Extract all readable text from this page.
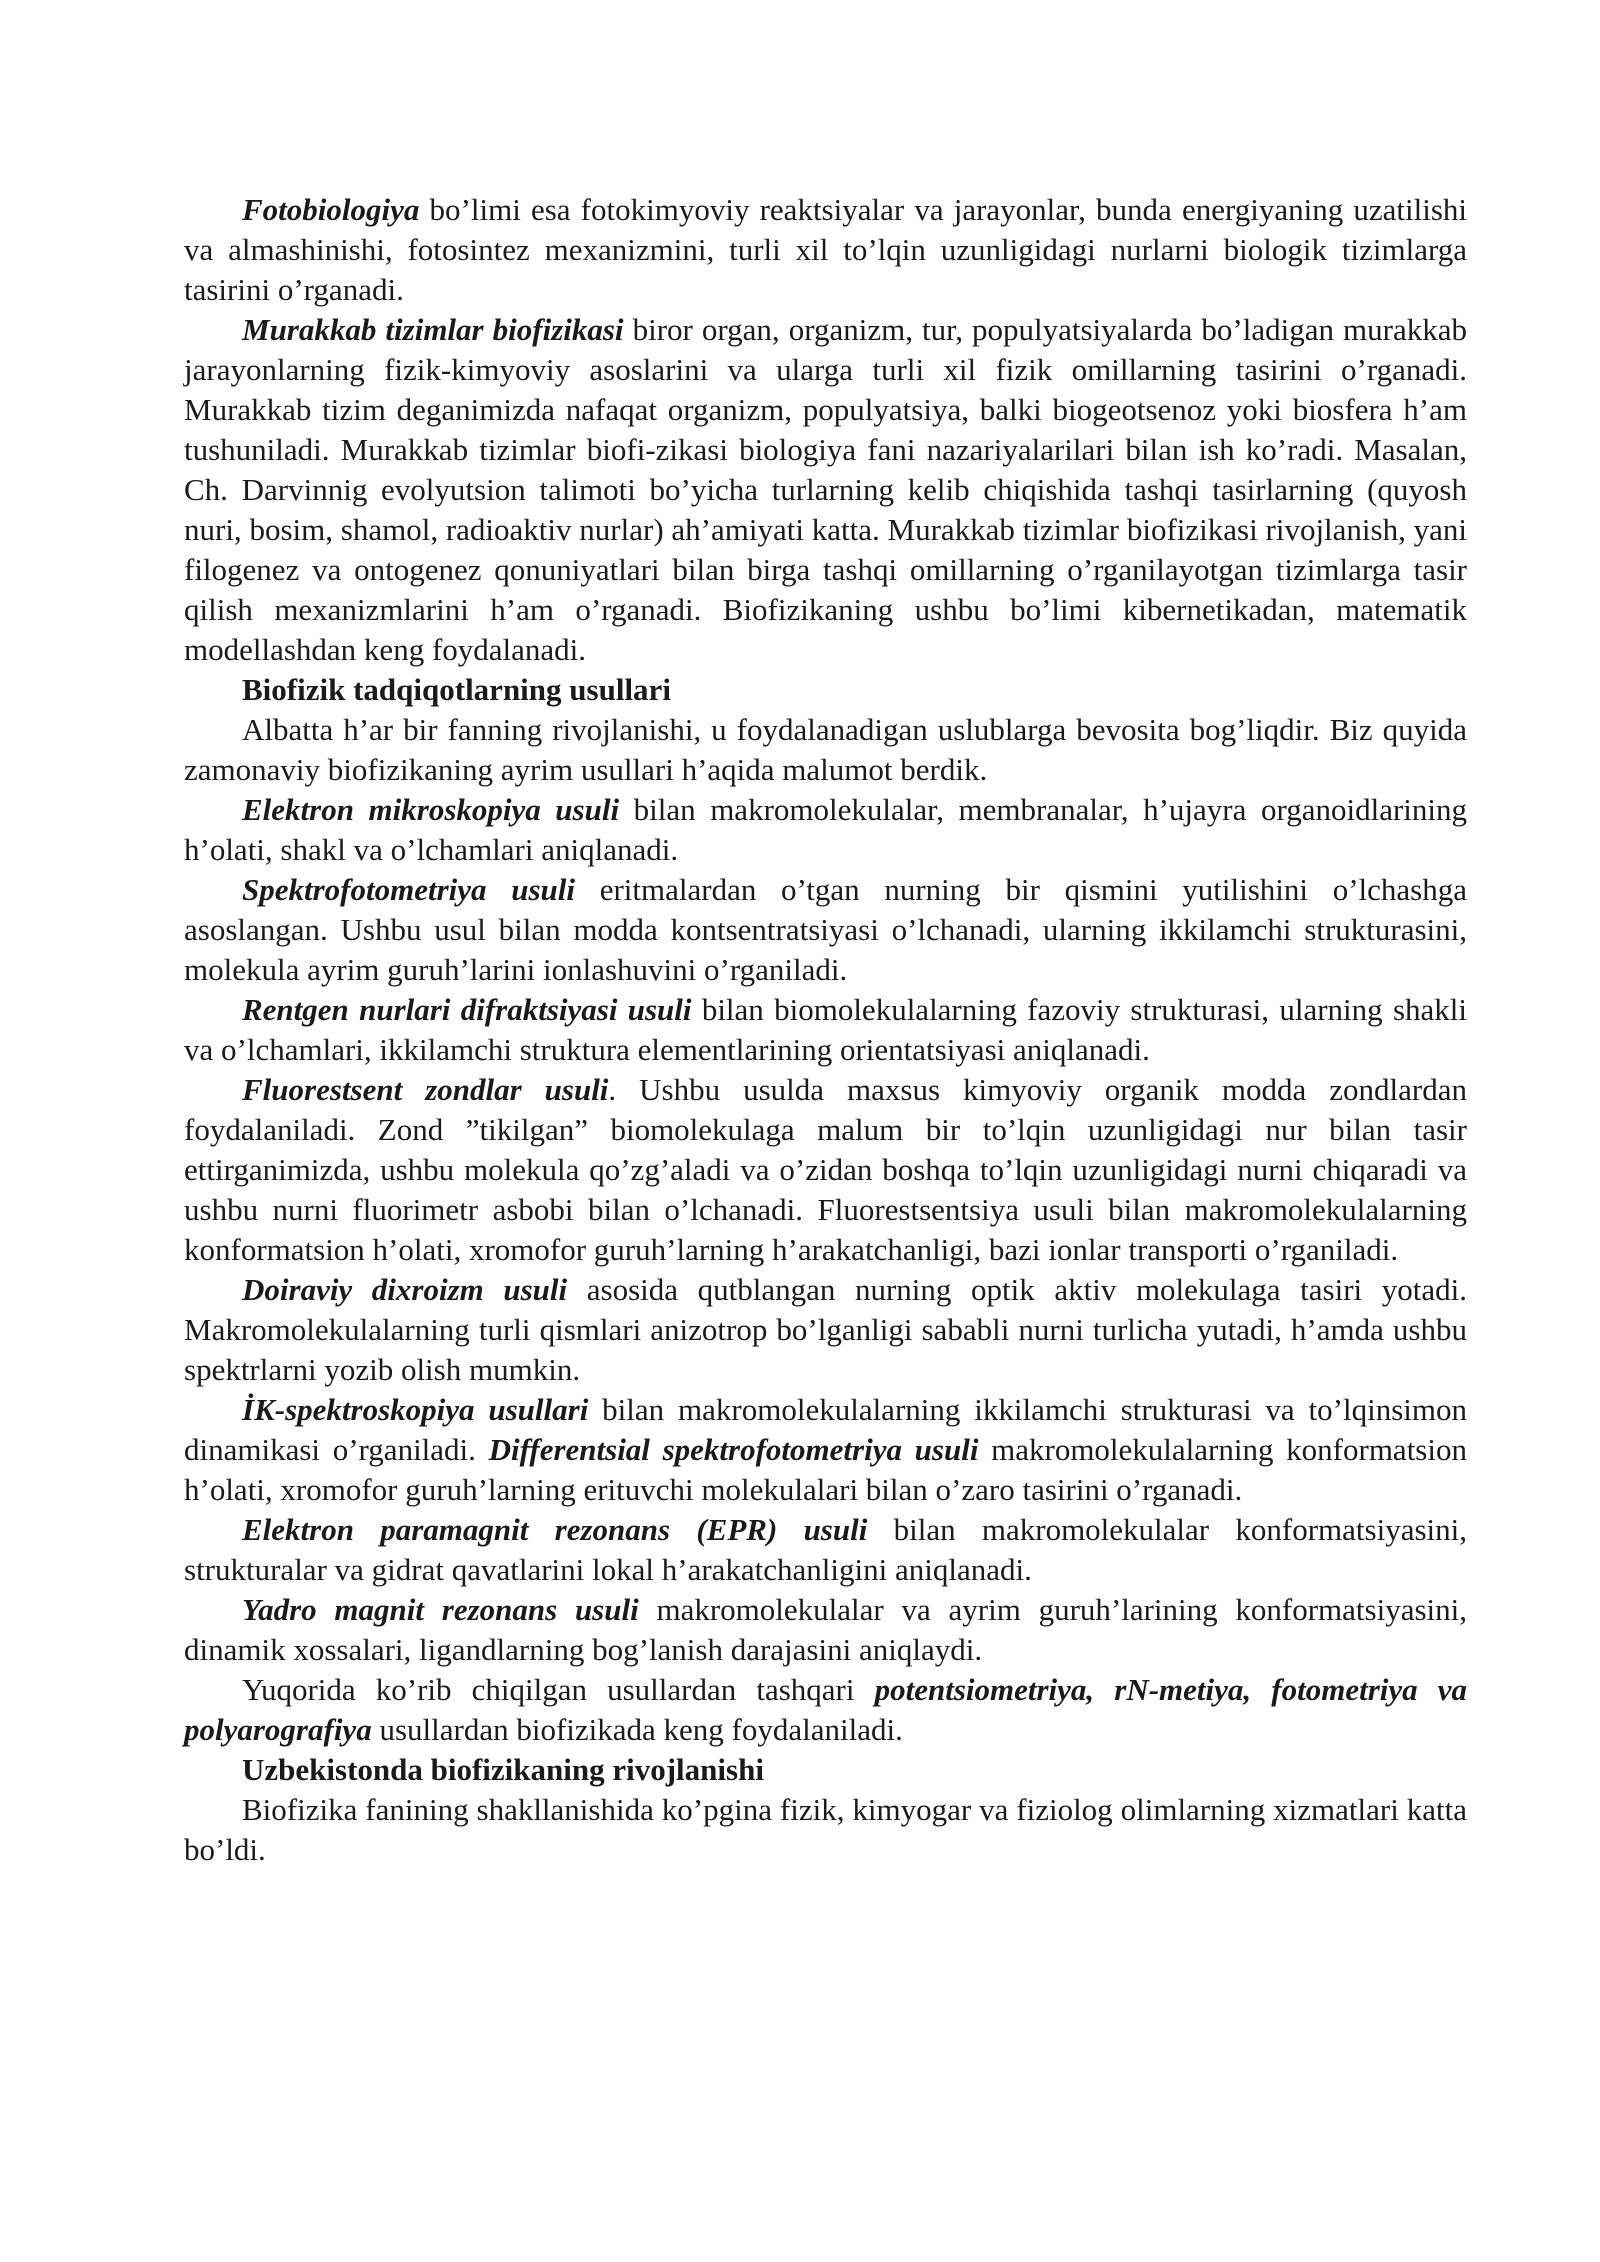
Fotobiologiya bo’limi esa fotokimyoviy reaktsiyalar va jarayonlar, bunda energiyaning uzatilishi va almashinishi, fotosintez mexanizmini, turli xil to’lqin uzunligidagi nurlarni biologik tizimlarga tasirini o’rganadi.

Murakkab tizimlar biofizikasi biror organ, organizm, tur, populyatsiyalarda bo’ladigan murakkab jarayonlarning fizik-kimyoviy asoslarini va ularga turli xil fizik omillarning tasirini o’rganadi. Murakkab tizim deganimizda nafaqat organizm, populyatsiya, balki biogeotsenoz yoki biosfera h’am tushuniladi. Murakkab tizimlar biofi-zikasi biologiya fani nazariyalarilari bilan ish ko’radi. Masalan, Ch. Darvinnig evolyutsion talimoti bo’yicha turlarning kelib chiqishida tashqi tasirlarning (quyosh nuri, bosim, shamol, radioaktiv nurlar) ah’amiyati katta. Murakkab tizimlar biofizikasi rivojlanish, yani filogenez va ontogenez qonuniyatlari bilan birga tashqi omillarning o’rganilayotgan tizimlarga tasir qilish mexanizmlarini h’am o’rganadi. Biofizikaning ushbu bo’limi kibernetikadan, matematik modellashdan keng foydalanadi.

Biofizik tadqiqotlarning usullari

Albatta h’ar bir fanning rivojlanishi, u foydalanadigan uslublarga bevosita bog’liqdir. Biz quyida zamonaviy biofizikaning ayrim usullari h’aqida malumot berdik.

Elektron mikroskopiya usuli bilan makromolekulalar, membranalar, h’ujayra organoidlarining h’olati, shakl va o’lchamlari aniqlanadi.

Spektrofotometriya usuli eritmalardan o’tgan nurning bir qismini yutilishini o’lchashga asoslangan. Ushbu usul bilan modda kontsentratsiyasi o’lchanadi, ularning ikkilamchi strukturasini, molekula ayrim guruh’larini ionlashuvini o’rganiladi.

Rentgen nurlari difraktsiyasi usuli bilan biomolekulalarning fazoviy strukturasi, ularning shakli va o’lchamlari, ikkilamchi struktura elementlarining orientatsiyasi aniqlanadi.

Fluorestsent zondlar usuli. Ushbu usulda maxsus kimyoviy organik modda zondlardan foydalaniladi. Zond ”tikilgan” biomolekulaga malum bir to’lqin uzunligidagi nur bilan tasir ettirganimizda, ushbu molekula qo’zg’aladi va o’zidan boshqa to’lqin uzunligidagi nurni chiqaradi va ushbu nurni fluorimetr asbobi bilan o’lchanadi. Fluorestsentsiya usuli bilan makromolekulalarning konformatsion h’olati, xromofor guruh’larning h’arakatchanligi, bazi ionlar transporti o’rganiladi.

Doiraviy dixroizm usuli asosida qutblangan nurning optik aktiv molekulaga tasiri yotadi. Makromolekulalarning turli qismlari anizotrop bo’lganligi sababli nurni turlicha yutadi, h’amda ushbu spektrlarni yozib olish mumkin.

İK-spektroskopiya usullari bilan makromolekulalarning ikkilamchi strukturasi va to’lqinsimon dinamikasi o’rganiladi. Differentsial spektrofotometriya usuli makromolekulalarning konformatsion h’olati, xromofor guruh’larning erituvchi molekulalari bilan o’zaro tasirini o’rganadi.

Elektron paramagnit rezonans (EPR) usuli bilan makromolekulalar konformatsiyasini, strukturalar va gidrat qavatlarini lokal h’arakatchanligini aniqlanadi.

Yadro magnit rezonans usuli makromolekulalar va ayrim guruh’larining konformatsiyasini, dinamik xossalari, ligandlarning bog’lanish darajasini aniqlaydi.

Yuqorida ko’rib chiqilgan usullardan tashqari potentsiometriya, rN-metiya, fotometriya va polyarografiya usullardan biofizikada keng foydalaniladi.

Uzbekistonda biofizikaning rivojlanishi

Biofizika fanining shakllanishida ko’pgina fizik, kimyogar va fiziolog olimlarning xizmatlari katta bo’ldi.
